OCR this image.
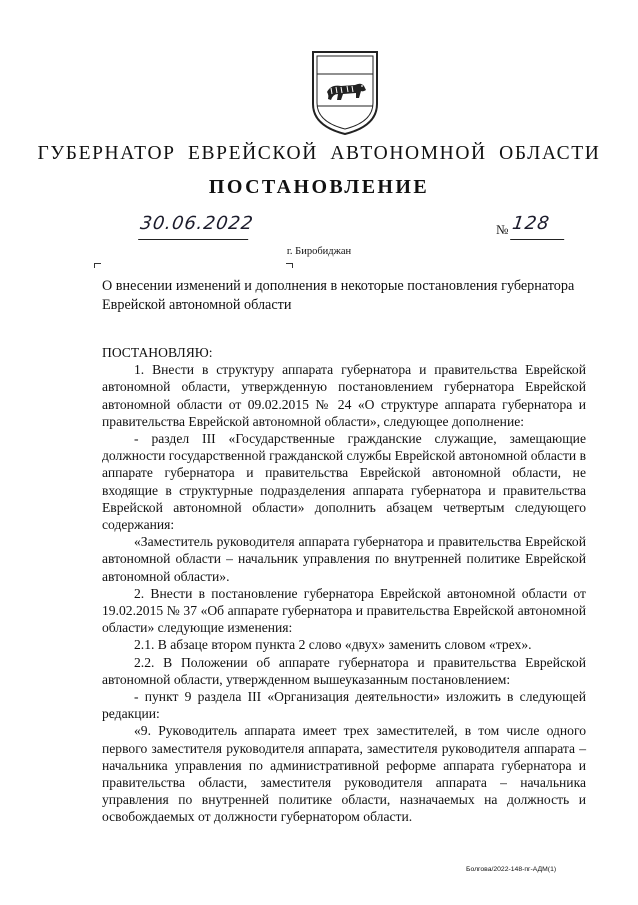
ГУБЕРНАТОР ЕВРЕЙСКОЙ АВТОНОМНОЙ ОБЛАСТИ
ПОСТАНОВЛЕНИЕ
30.06.2022	№ 128
г. Биробиджан
О внесении изменений и дополнения в некоторые постановления губернатора Еврейской автономной области

ПОСТАНОВЛЯЮ:

1. Внести в структуру аппарата губернатора и правительства Еврейской автономной области, утвержденную постановлением губернатора Еврейской автономной области от 09.02.2015 № 24 «О структуре аппарата губернатора и правительства Еврейской автономной области», следующее дополнение:

- раздел III «Государственные гражданские служащие, замещающие должности государственной гражданской службы Еврейской автономной области в аппарате губернатора и правительства Еврейской автономной области, не входящие в структурные подразделения аппарата губернатора и правительства Еврейской автономной области» дополнить абзацем четвертым следующего содержания:

«Заместитель руководителя аппарата губернатора и правительства Еврейской автономной области – начальник управления по внутренней политике Еврейской автономной области».

2. Внести в постановление губернатора Еврейской автономной области от 19.02.2015 № 37 «Об аппарате губернатора и правительства Еврейской автономной области» следующие изменения:

2.1. В абзаце втором пункта 2 слово «двух» заменить словом «трех».

2.2. В Положении об аппарате губернатора и правительства Еврейской автономной области, утвержденном вышеуказанным постановлением:

- пункт 9 раздела III «Организация деятельности» изложить в следующей редакции:

«9. Руководитель аппарата имеет трех заместителей, в том числе одного первого заместителя руководителя аппарата, заместителя руководителя аппарата – начальника управления по административной реформе аппарата губернатора и правительства области, заместителя руководителя аппарата – начальника управления по внутренней политике области, назначаемых на должность и освобождаемых от должности губернатором области.

Болгова/2022-148-пг-АДМ(1)
